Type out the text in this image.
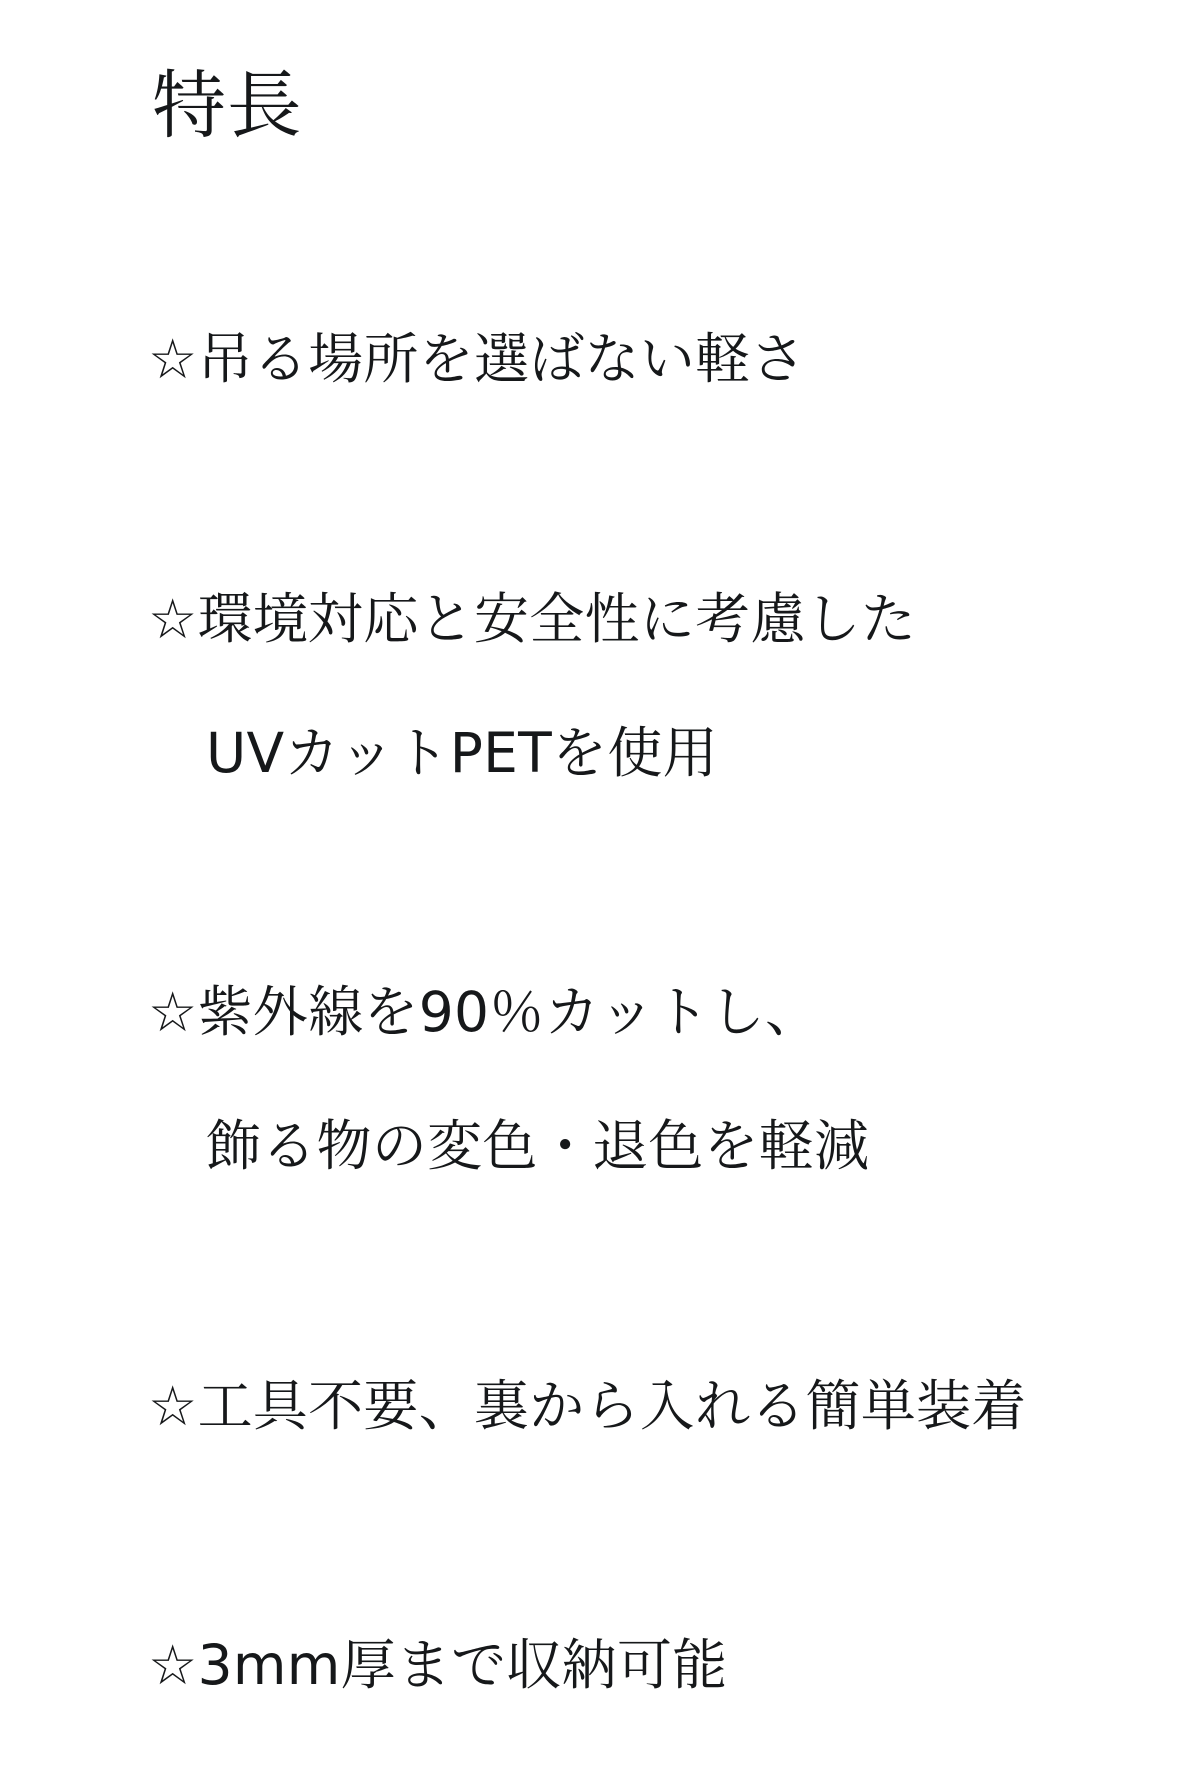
特長

☆吊る場所を選ばない軽さ

☆環境対応と安全性に考慮した

UVカットPETを使用

☆紫外線を90％カットし、

飾る物の変色・退色を軽減

☆工具不要、裏から入れる簡単装着

☆3mm厚まで収納可能
